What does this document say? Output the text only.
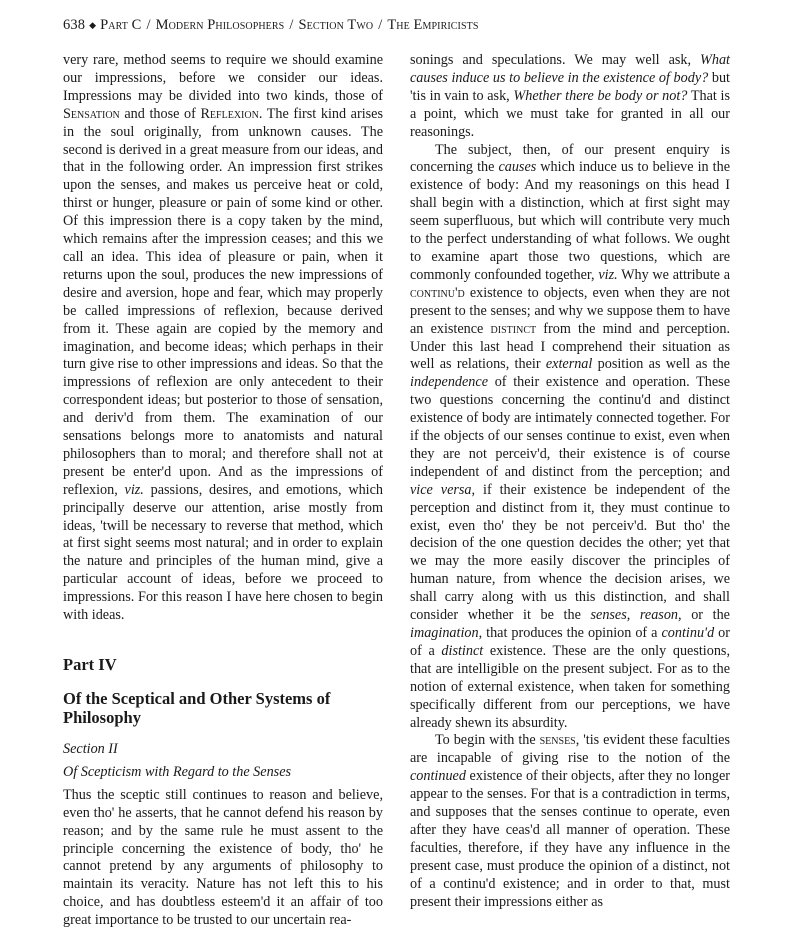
638 ◆ Part C / Modern Philosophers / Section Two / The Empiricists

very rare, method seems to require we should examine our impressions, before we consider our ideas. Impressions may be divided into two kinds, those of Sensation and those of Reflexion. The first kind arises in the soul originally, from unknown causes. The second is derived in a great measure from our ideas, and that in the following order. An impression first strikes upon the senses, and makes us perceive heat or cold, thirst or hunger, pleasure or pain of some kind or other. Of this impression there is a copy taken by the mind, which remains after the impression ceases; and this we call an idea. This idea of pleasure or pain, when it returns upon the soul, produces the new impressions of desire and aversion, hope and fear, which may properly be called impressions of reflexion, because derived from it. These again are copied by the memory and imagination, and become ideas; which perhaps in their turn give rise to other impressions and ideas. So that the impressions of reflexion are only antecedent to their correspondent ideas; but posterior to those of sensation, and deriv'd from them. The examination of our sensations belongs more to anatomists and natural philosophers than to moral; and therefore shall not at present be enter'd upon. And as the impressions of reflexion, viz. passions, desires, and emotions, which principally deserve our attention, arise mostly from ideas, 'twill be necessary to reverse that method, which at first sight seems most natural; and in order to explain the nature and principles of the human mind, give a particular account of ideas, before we proceed to impressions. For this reason I have here chosen to begin with ideas.

Part IV
Of the Sceptical and Other Systems of Philosophy
Section II
Of Scepticism with Regard to the Senses

Thus the sceptic still continues to reason and believe, even tho' he asserts, that he cannot defend his reason by reason; and by the same rule he must assent to the principle concerning the existence of body, tho' he cannot pretend by any arguments of philosophy to maintain its veracity. Nature has not left this to his choice, and has doubtless esteem'd it an affair of too great importance to be trusted to our uncertain rea-

sonings and speculations. We may well ask, What causes induce us to believe in the existence of body? but 'tis in vain to ask, Whether there be body or not? That is a point, which we must take for granted in all our reasonings.

The subject, then, of our present enquiry is concerning the causes which induce us to believe in the existence of body: And my reasonings on this head I shall begin with a distinction, which at first sight may seem superfluous, but which will contribute very much to the perfect understanding of what follows. We ought to examine apart those two questions, which are commonly confounded together, viz. Why we attribute a continu'd existence to objects, even when they are not present to the senses; and why we suppose them to have an existence distinct from the mind and perception. Under this last head I comprehend their situation as well as relations, their external position as well as the independence of their existence and operation. These two questions concerning the continu'd and distinct existence of body are intimately connected together. For if the objects of our senses continue to exist, even when they are not perceiv'd, their existence is of course independent of and distinct from the perception; and vice versa, if their existence be independent of the perception and distinct from it, they must continue to exist, even tho' they be not perceiv'd. But tho' the decision of the one question decides the other; yet that we may the more easily discover the principles of human nature, from whence the decision arises, we shall carry along with us this distinction, and shall consider whether it be the senses, reason, or the imagination, that produces the opinion of a continu'd or of a distinct existence. These are the only questions, that are intelligible on the present subject. For as to the notion of external existence, when taken for something specifically different from our perceptions, we have already shewn its absurdity.

To begin with the senses, 'tis evident these faculties are incapable of giving rise to the notion of the continued existence of their objects, after they no longer appear to the senses. For that is a contradiction in terms, and supposes that the senses continue to operate, even after they have ceas'd all manner of operation. These faculties, therefore, if they have any influence in the present case, must produce the opinion of a distinct, not of a continu'd existence; and in order to that, must present their impressions either as
